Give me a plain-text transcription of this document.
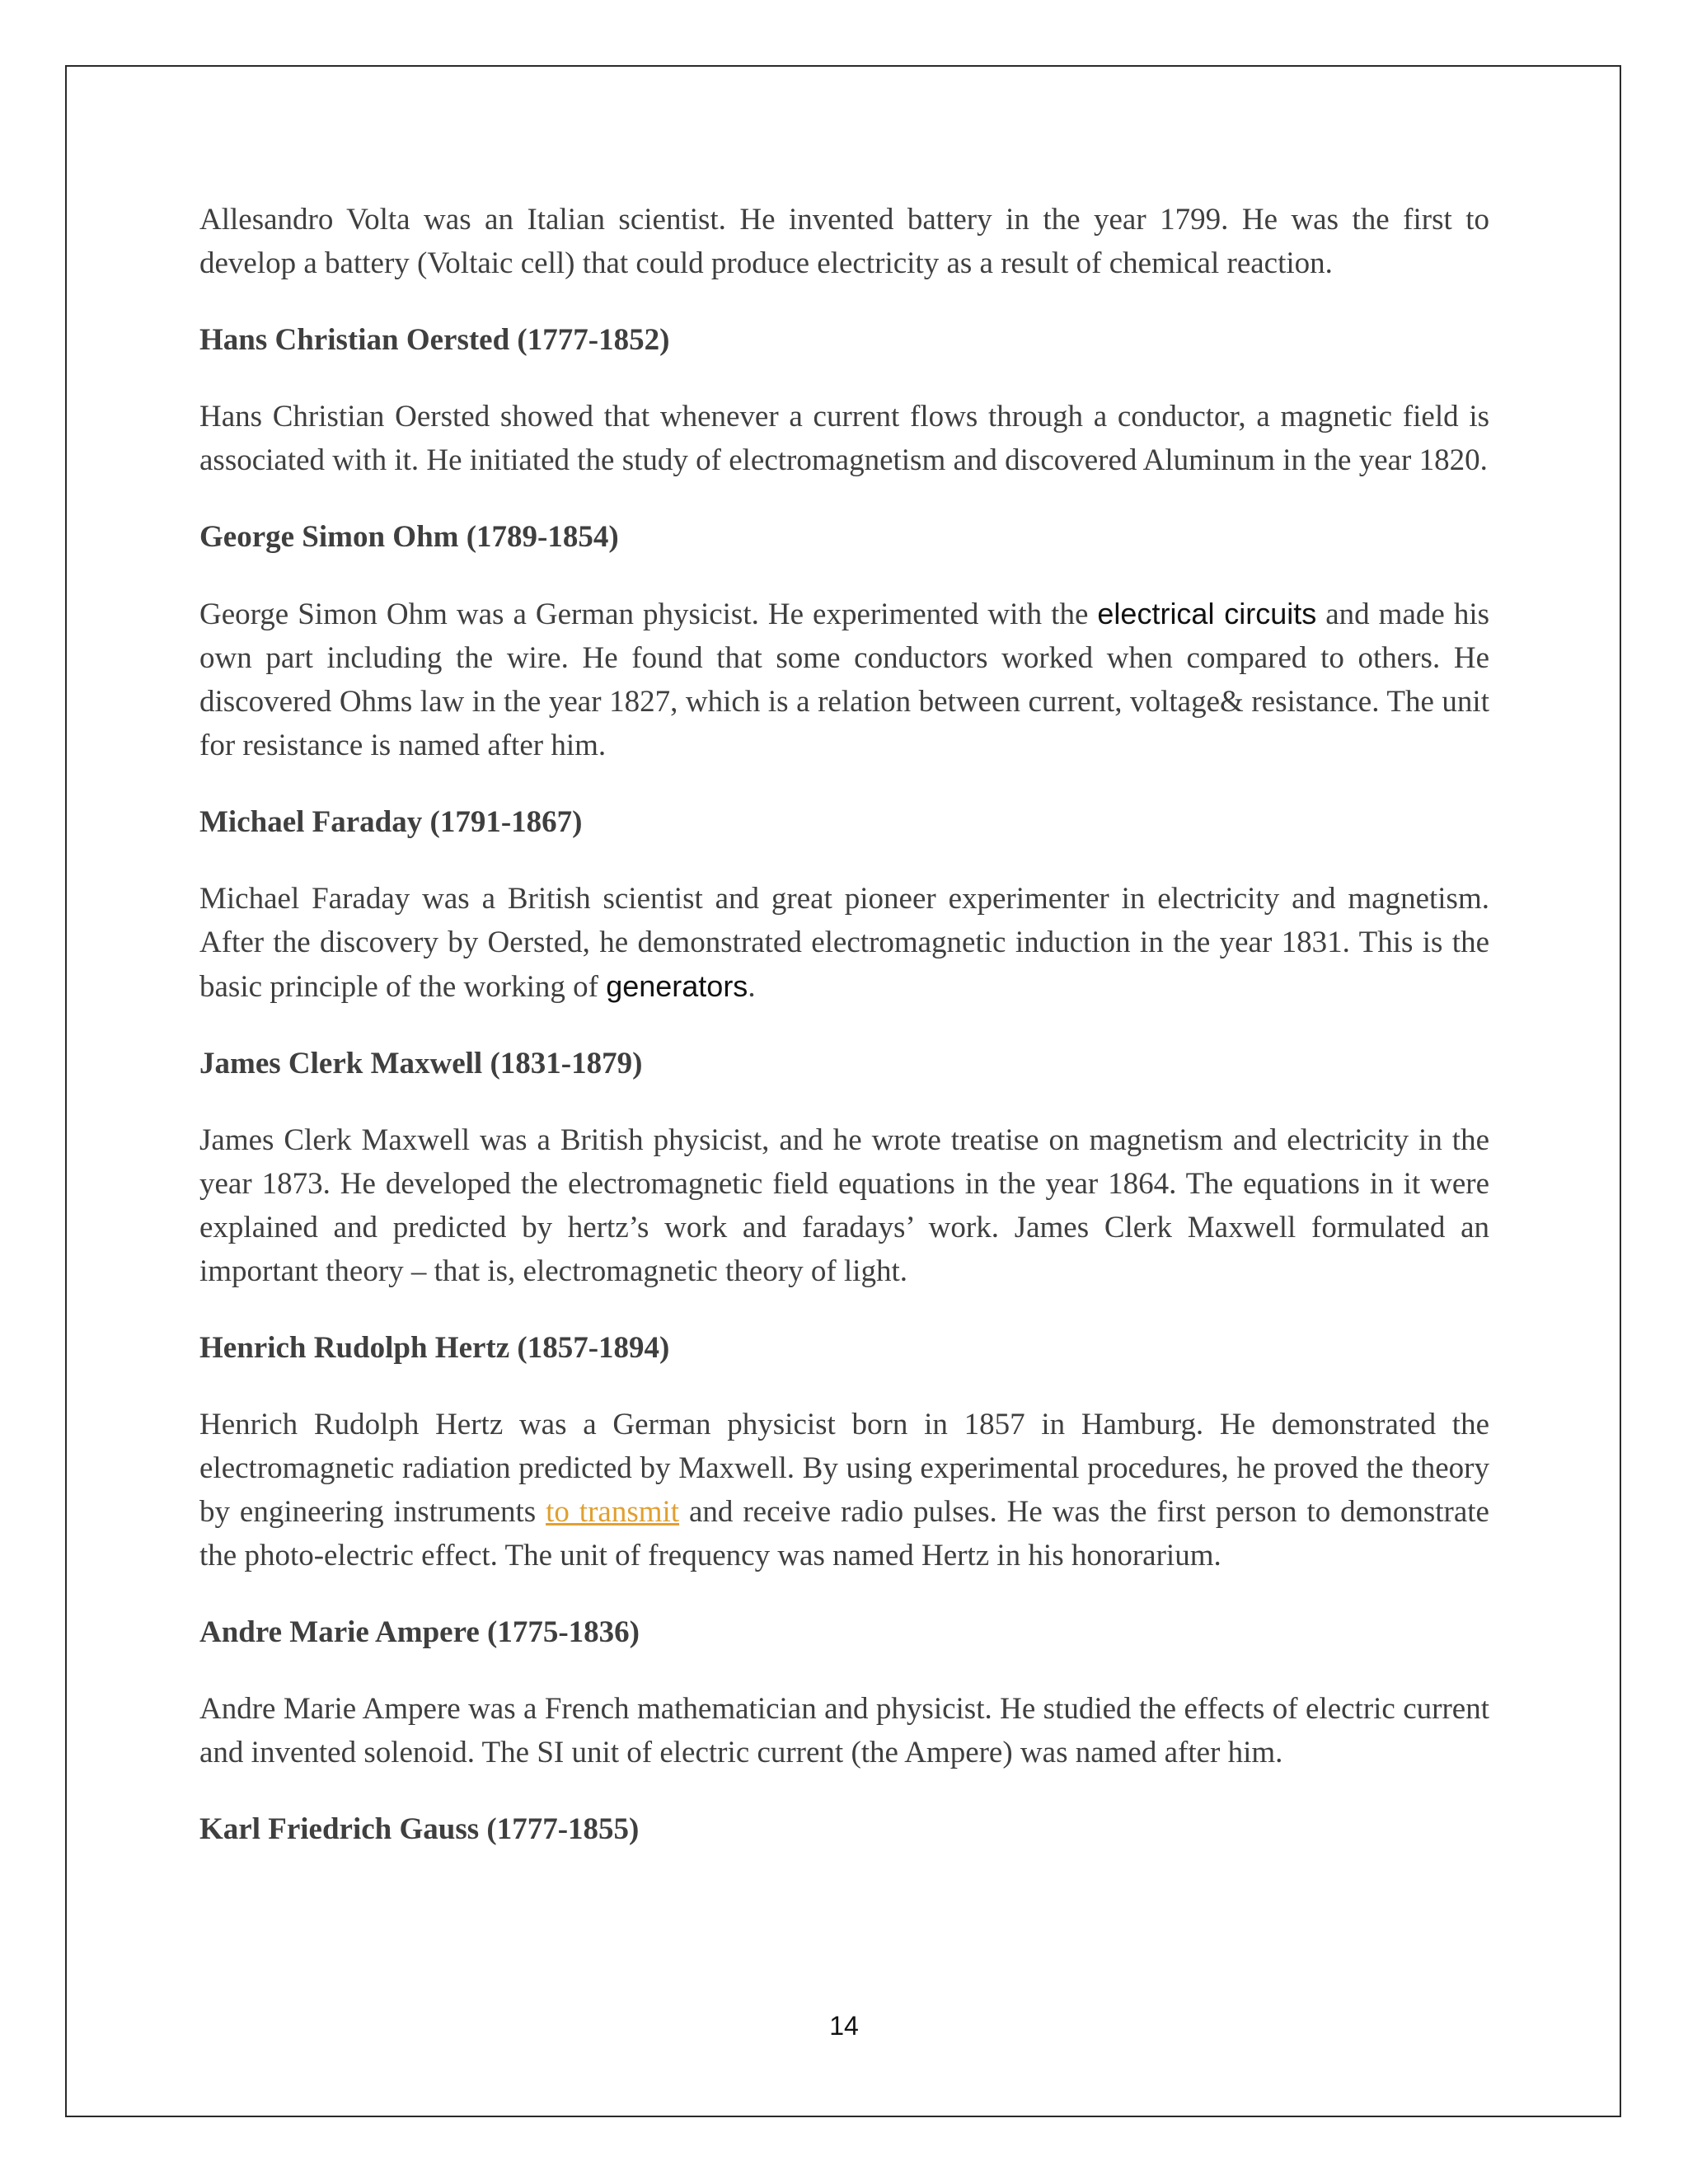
Allesandro Volta was an Italian scientist. He invented battery in the year 1799. He was the first to develop a battery (Voltaic cell) that could produce electricity as a result of chemical reaction.

Hans Christian Oersted (1777-1852)

Hans Christian Oersted showed that whenever a current flows through a conductor, a magnetic field is associated with it. He initiated the study of electromagnetism and discovered Aluminum in the year 1820.

George Simon Ohm (1789-1854)

George Simon Ohm was a German physicist. He experimented with the electrical circuits and made his own part including the wire. He found that some conductors worked when compared to others. He discovered Ohms law in the year 1827, which is a relation between current, voltage& resistance. The unit for resistance is named after him.

Michael Faraday (1791-1867)

Michael Faraday was a British scientist and great pioneer experimenter in electricity and magnetism. After the discovery by Oersted, he demonstrated electromagnetic induction in the year 1831. This is the basic principle of the working of generators.

James Clerk Maxwell (1831-1879)

James Clerk Maxwell was a British physicist, and he wrote treatise on magnetism and electricity in the year 1873. He developed the electromagnetic field equations in the year 1864. The equations in it were explained and predicted by hertz’s work and faradays’ work. James Clerk Maxwell formulated an important theory – that is, electromagnetic theory of light.

Henrich Rudolph Hertz (1857-1894)

Henrich Rudolph Hertz was a German physicist born in 1857 in Hamburg. He demonstrated the electromagnetic radiation predicted by Maxwell. By using experimental procedures, he proved the theory by engineering instruments to transmit and receive radio pulses. He was the first person to demonstrate the photo-electric effect. The unit of frequency was named Hertz in his honorarium.

Andre Marie Ampere (1775-1836)

Andre Marie Ampere was a French mathematician and physicist. He studied the effects of electric current and invented solenoid. The SI unit of electric current (the Ampere) was named after him.

Karl Friedrich Gauss (1777-1855)
14
